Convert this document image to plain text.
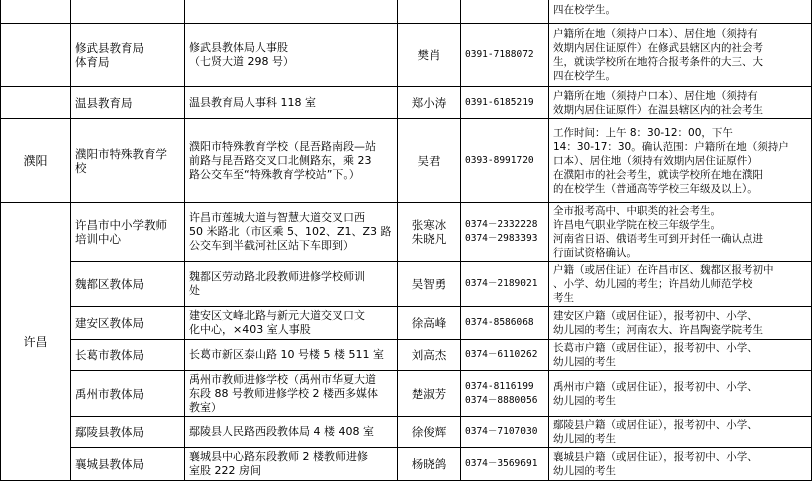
					四在校学生。

	修武县教育局
体育局	修武县教体局人事股
（七贤大道 298 号）	樊肖	0391-7188072	户籍所在地（须持户口本）、居住地（须持有
效期内居住证原件）在修武县辖区内的社会考
生，就读学校所在地符合报考条件的大三、大
四在校学生。

	温县教育局	温县教育局人事科 118 室	郑小涛	0391-6185219	户籍所在地（须持户口本）、居住地（须持有
效期内居住证原件）在温县辖区内的社会考生

濮阳	濮阳市特殊教育学
校	濮阳市特殊教育学校（昆吾路南段—站
前路与昆吾路交叉口北侧路东，乘 23
路公交车至“特殊教育学校站”下。）	吴君	0393-8991720	工作时间：上午 8：30-12：00，下午
14：30-17：30。确认范围：户籍所在地（须持户
口本）、居住地（须持有效期内居住证原件）
在濮阳市的社会考生，就读学校所在地在濮阳
的在校学生（普通高等学校三年级及以上）。

许昌	许昌市中小学教师
培训中心	许昌市莲城大道与智慧大道交叉口西
50 米路北（市区乘 5、102、Z1、Z3 路
公交车到半截河社区站下车即到）	张寒冰
朱晓凡	0374－2332228
0374－2983393	全市报考高中、中职类的社会考生。
许昌电气职业学院在校三年级学生。
河南省日语、俄语考生可到开封任一确认点进
行面试资格确认。

	魏都区教体局	魏都区劳动路北段教师进修学校师训
处	吴智勇	0374－2189021	户籍（或居住证）在许昌市区、魏都区报考初中
、小学、幼儿园的考生；许昌幼儿师范学校
考生

	建安区教体局	建安区文峰北路与新元大道交叉口文
化中心，×403 室人事股	徐高峰	0374-8586068	建安区户籍（或居住证），报考初中、小学、
幼儿园的考生；河南农大、许昌陶瓷学院考生

	长葛市教体局	长葛市新区泰山路 10 号楼 5 楼 511 室	刘高杰	0374－6110262	长葛市户籍（或居住证），报考初中、小学、
幼儿园的考生

	禹州市教体局	禹州市教师进修学校（禹州市华夏大道
东段 88 号教师进修学校 2 楼西多媒体
教室）	楚淑芳	0374-8116199
0374－8880056	禹州市户籍（或居住证），报考初中、小学、
幼儿园的考生

	鄢陵县教体局	鄢陵县人民路西段教体局 4 楼 408 室	徐俊辉	0374－7107030	鄢陵县户籍（或居住证），报考初中、小学、
幼儿园的考生

	襄城县教体局	襄城县中心路东段教师 2 楼教师进修
室股 222 房间	杨晓鸽	0374－3569691	襄城县户籍（或居住证），报考初中、小学、
幼儿园的考生
